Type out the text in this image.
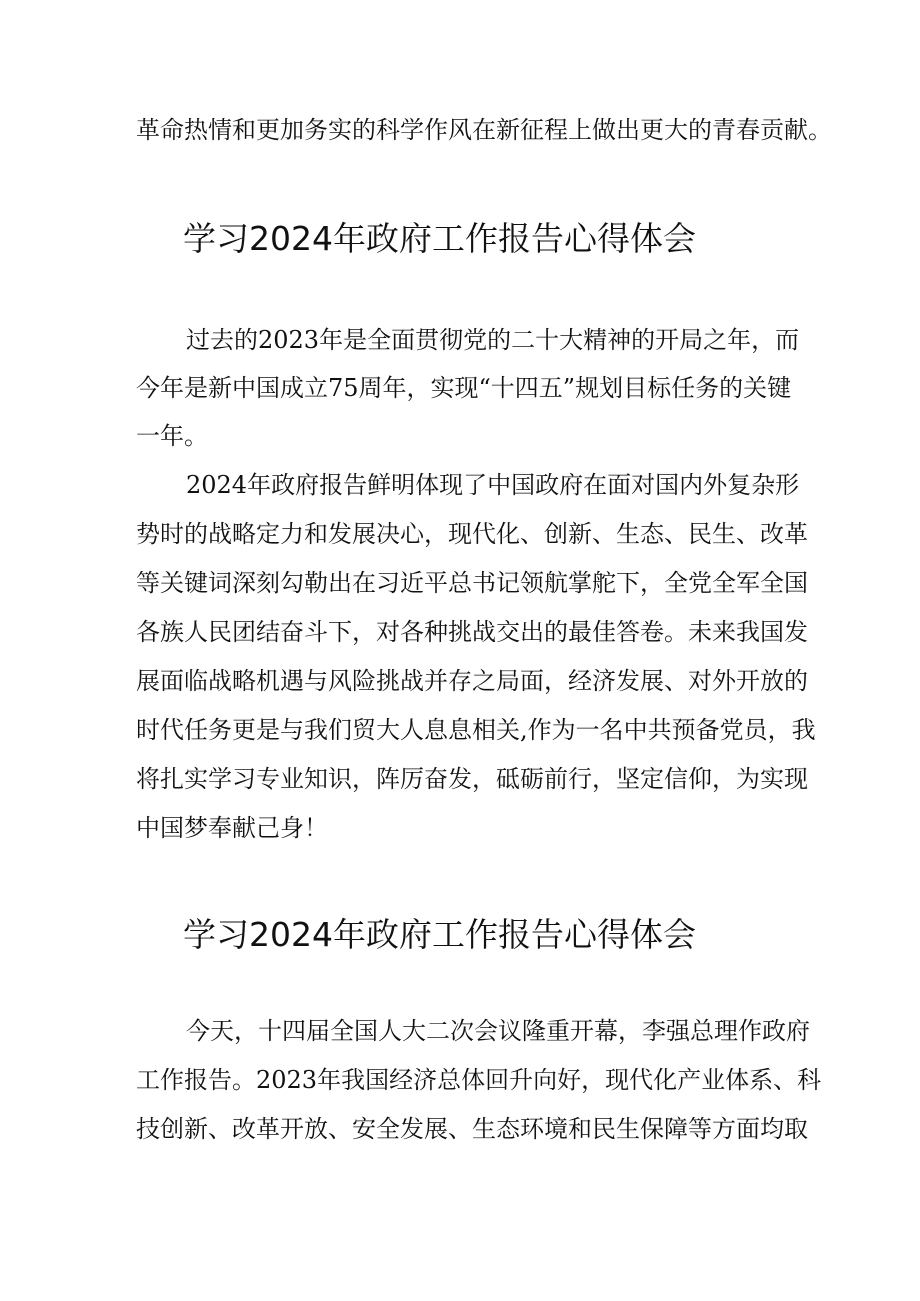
革命热情和更加务实的科学作风在新征程上做出更大的青春贡献。
学习2024年政府工作报告心得体会
过去的2023年是全面贯彻党的二十大精神的开局之年，而
今年是新中国成立75周年，实现“十四五”规划目标任务的关键
一年。
2024年政府报告鲜明体现了中国政府在面对国内外复杂形
势时的战略定力和发展决心，现代化、创新、生态、民生、改革
等关键词深刻勾勒出在习近平总书记领航掌舵下，全党全军全国
各族人民团结奋斗下，对各种挑战交出的最佳答卷。未来我国发
展面临战略机遇与风险挑战并存之局面，经济发展、对外开放的
时代任务更是与我们贸大人息息相关,作为一名中共预备党员，我
将扎实学习专业知识，阵厉奋发，砥砺前行，坚定信仰，为实现
中国梦奉献己身！
学习2024年政府工作报告心得体会
今天，十四届全国人大二次会议隆重开幕，李强总理作政府
工作报告。2023年我国经济总体回升向好，现代化产业体系、科
技创新、改革开放、安全发展、生态环境和民生保障等方面均取
